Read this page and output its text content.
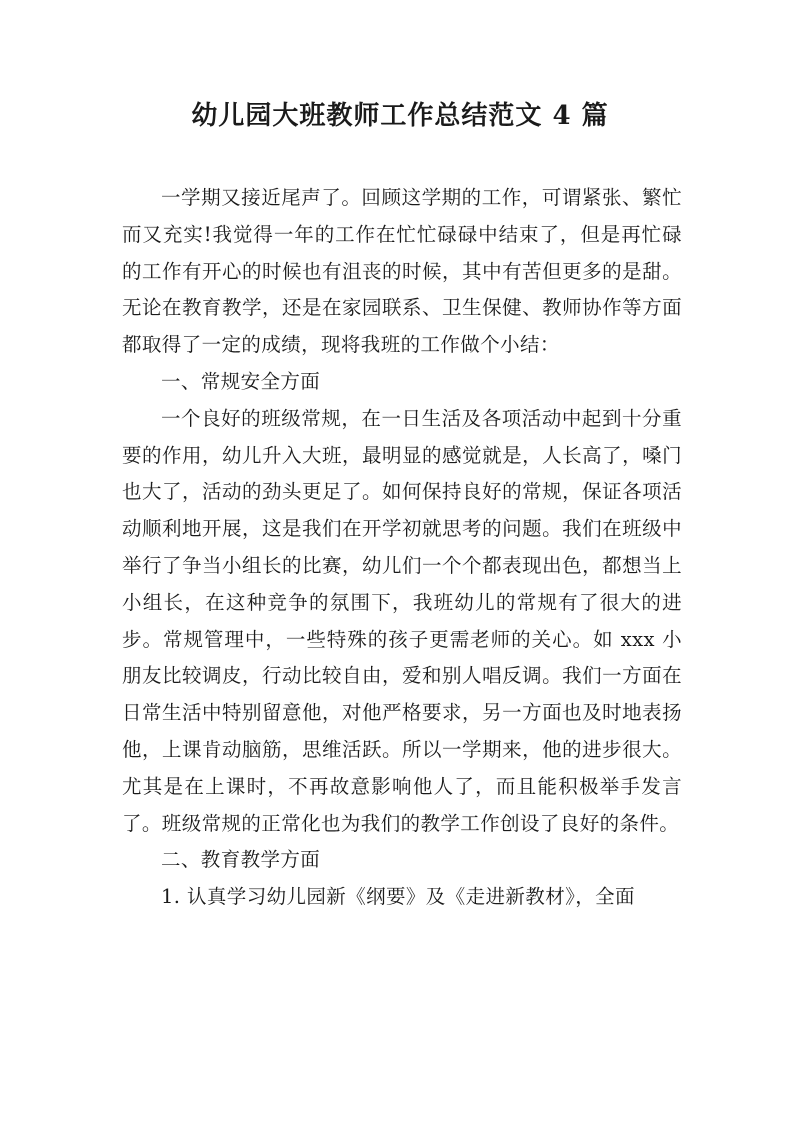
幼儿园大班教师工作总结范文 4 篇

一学期又接近尾声了。回顾这学期的工作，可谓紧张、繁忙而又充实!我觉得一年的工作在忙忙碌碌中结束了，但是再忙碌的工作有开心的时候也有沮丧的时候，其中有苦但更多的是甜。无论在教育教学，还是在家园联系、卫生保健、教师协作等方面都取得了一定的成绩，现将我班的工作做个小结：

一、常规安全方面

一个良好的班级常规，在一日生活及各项活动中起到十分重要的作用，幼儿升入大班，最明显的感觉就是，人长高了，嗓门也大了，活动的劲头更足了。如何保持良好的常规，保证各项活动顺利地开展，这是我们在开学初就思考的问题。我们在班级中举行了争当小组长的比赛，幼儿们一个个都表现出色，都想当上小组长，在这种竞争的氛围下，我班幼儿的常规有了很大的进步。常规管理中，一些特殊的孩子更需老师的关心。如 xxx 小朋友比较调皮，行动比较自由，爱和别人唱反调。我们一方面在日常生活中特别留意他，对他严格要求，另一方面也及时地表扬他，上课肯动脑筋，思维活跃。所以一学期来，他的进步很大。尤其是在上课时，不再故意影响他人了，而且能积极举手发言了。班级常规的正常化也为我们的教学工作创设了良好的条件。

二、教育教学方面

1. 认真学习幼儿园新《纲要》及《走进新教材》，全面
